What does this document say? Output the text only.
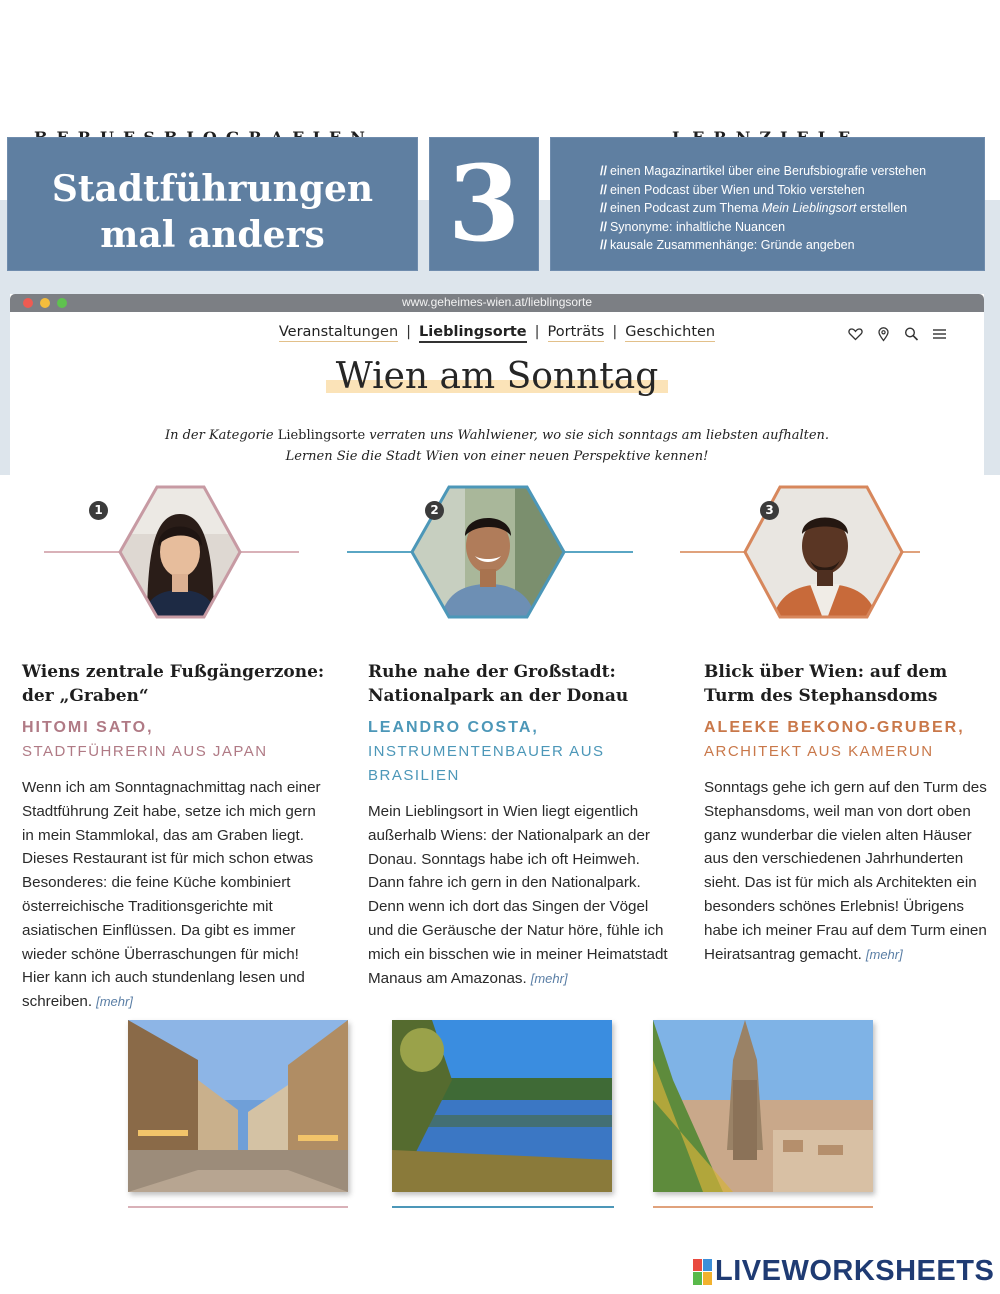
Stadtführungen
mal anders	3	// einen Magazinartikel über eine Berufsbiografie verstehen
// einen Podcast über Wien und Tokio verstehen
// einen Podcast zum Thema Mein Lieblingsort erstellen
// Synonyme: inhaltliche Nuancen
// kausale Zusammenhänge: Gründe angeben
www.geheimes-wien.at/lieblingsorte
Veranstaltungen | Lieblingsorte | Porträts | Geschichten
Wien am Sonntag
In der Kategorie Lieblingsorte verraten uns Wahlwiener, wo sie sich sonntags am liebsten aufhalten.
Lernen Sie die Stadt Wien von einer neuen Perspektive kennen!
1	2	3
Wiens zentrale Fußgängerzone: der „Graben“
HITOMI SATO,
STADTFÜHRERIN AUS JAPAN
Wenn ich am Sonntagnachmittag nach einer Stadtführung Zeit habe, setze ich mich gern in mein Stammlokal, das am Graben liegt. Dieses Restaurant ist für mich schon etwas Besonderes: die feine Küche kombiniert österreichische Traditionsgerichte mit asiatischen Einflüssen. Da gibt es immer wieder schöne Überraschungen für mich! Hier kann ich auch stundenlang lesen und schreiben. [mehr]
Ruhe nahe der Großstadt: Nationalpark an der Donau
LEANDRO COSTA,
INSTRUMENTENBAUER AUS
BRASILIEN
Mein Lieblingsort in Wien liegt eigentlich außerhalb Wiens: der Nationalpark an der Donau. Sonntags habe ich oft Heimweh. Dann fahre ich gern in den Nationalpark. Denn wenn ich dort das Singen der Vögel und die Geräusche der Natur höre, fühle ich mich ein bisschen wie in meiner Heimatstadt Manaus am Amazonas. [mehr]
Blick über Wien: auf dem Turm des Stephansdoms
ALEEKE BEKONO-GRUBER,
ARCHITEKT AUS KAMERUN
Sonntags gehe ich gern auf den Turm des Stephansdoms, weil man von dort oben ganz wunderbar die vielen alten Häuser aus den verschiedenen Jahrhunderten sieht. Das ist für mich als Architekten ein besonders schönes Erlebnis! Übrigens habe ich meiner Frau auf dem Turm einen Heiratsantrag gemacht. [mehr]
LIVEWORKSHEETS
